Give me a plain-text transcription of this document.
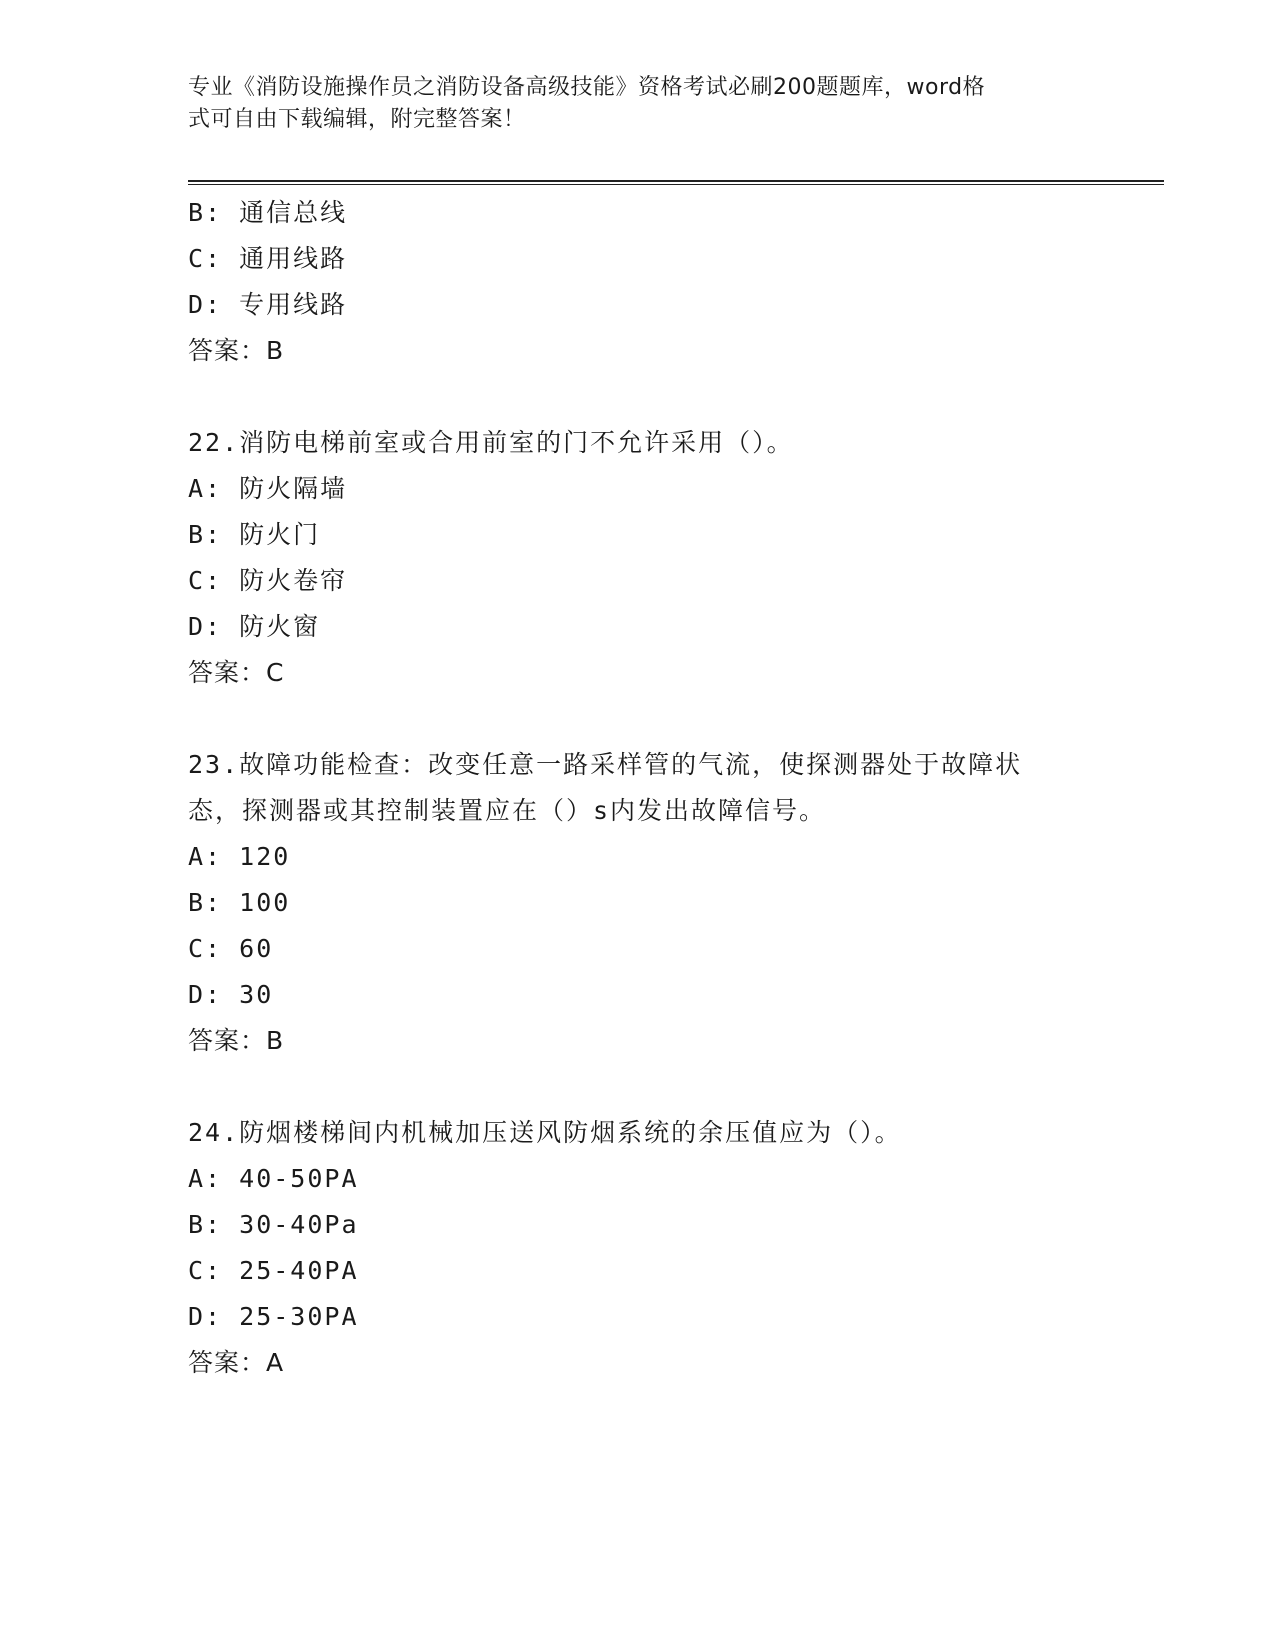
专业《消防设施操作员之消防设备高级技能》资格考试必刷200题题库，word格
式可自由下载编辑，附完整答案！
B: 通信总线
C: 通用线路
D: 专用线路
答案：B
22.消防电梯前室或合用前室的门不允许采用（）。
A: 防火隔墙
B: 防火门
C: 防火卷帘
D: 防火窗
答案：C
23.故障功能检查：改变任意一路采样管的气流，使探测器处于故障状
态，探测器或其控制装置应在（）s内发出故障信号。
A: 120
B: 100
C: 60
D: 30
答案：B
24.防烟楼梯间内机械加压送风防烟系统的余压值应为（）。
A: 40-50PA
B: 30-40Pa
C: 25-40PA
D: 25-30PA
答案：A
